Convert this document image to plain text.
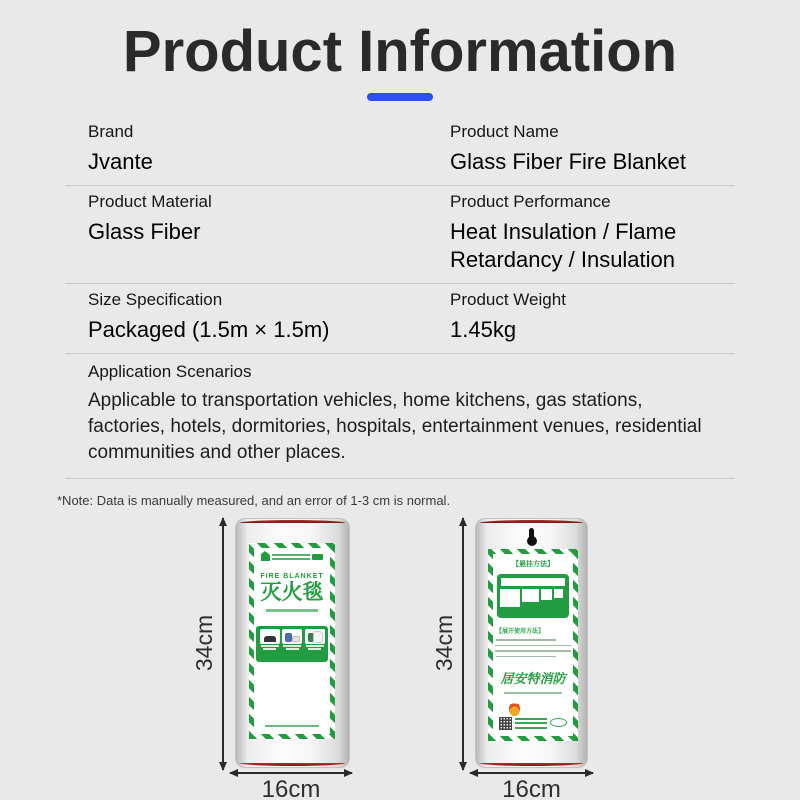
Product Information
Brand
Jvante
Product Name
Glass Fiber Fire Blanket
Product Material
Glass Fiber
Product Performance
Heat Insulation / Flame Retardancy / Insulation
Size Specification
Packaged (1.5m × 1.5m)
Product Weight
1.45kg
Application Scenarios
Applicable to transportation vehicles, home kitchens, gas stations, factories, hotels, dormitories, hospitals, entertainment venues, residential communities and other places.

*Note: Data is manually measured, and an error of 1-3 cm is normal.

34cm
FIRE BLANKET
灭火毯
16cm
34cm
【悬挂方法】
【展开使用方法】
居安特消防
16cm
